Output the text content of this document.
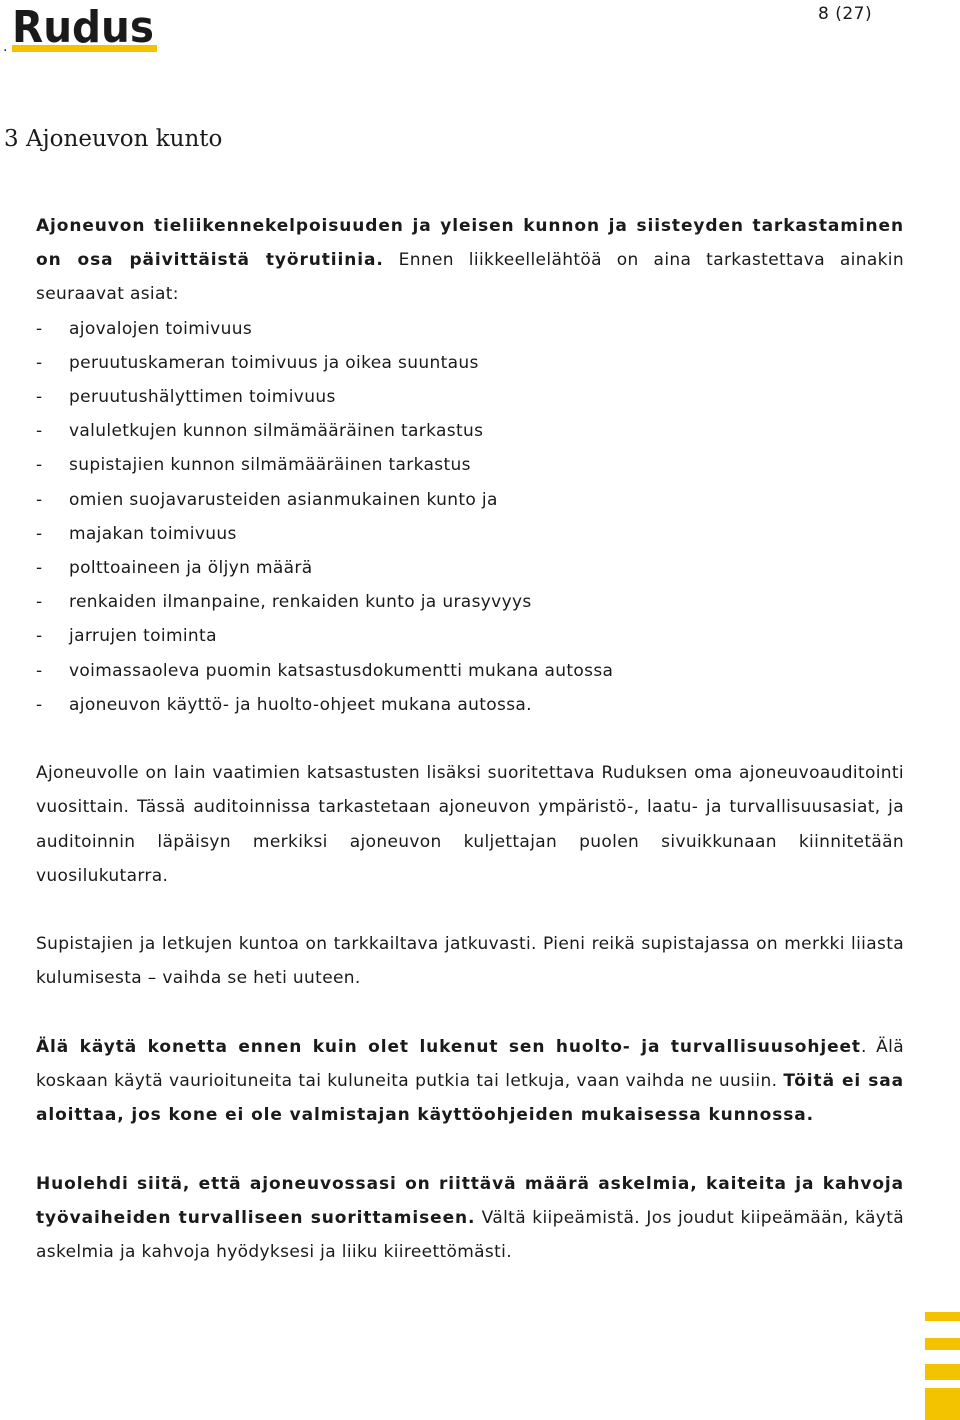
Rudus
.
8 (27)
3 Ajoneuvon kunto

Ajoneuvon tieliikennekelpoisuuden ja yleisen kunnon ja siisteyden tarkastaminen on osa päivittäistä työrutiinia. Ennen liikkeellelähtöä on aina tarkastettava ainakin seuraavat asiat:

-	ajovalojen toimivuus
-	peruutuskameran toimivuus ja oikea suuntaus
-	peruutushälyttimen toimivuus
-	valuletkujen kunnon silmämääräinen tarkastus
-	supistajien kunnon silmämääräinen tarkastus
-	omien suojavarusteiden asianmukainen kunto ja
-	majakan toimivuus
-	polttoaineen ja öljyn määrä
-	renkaiden ilmanpaine, renkaiden kunto ja urasyvyys
-	jarrujen toiminta
-	voimassaoleva puomin katsastusdokumentti mukana autossa
-	ajoneuvon käyttö- ja huolto-ohjeet mukana autossa.

Ajoneuvolle on lain vaatimien katsastusten lisäksi suoritettava Ruduksen oma ajoneuvoauditointi vuosittain. Tässä auditoinnissa tarkastetaan ajoneuvon ympäristö-, laatu- ja turvallisuusasiat, ja auditoinnin läpäisyn merkiksi ajoneuvon kuljettajan puolen sivuikkunaan kiinnitetään vuosilukutarra.

Supistajien ja letkujen kuntoa on tarkkailtava jatkuvasti. Pieni reikä supistajassa on merkki liiasta kulumisesta – vaihda se heti uuteen.

Älä käytä konetta ennen kuin olet lukenut sen huolto- ja turvallisuusohjeet. Älä koskaan käytä vaurioituneita tai kuluneita putkia tai letkuja, vaan vaihda ne uusiin. Töitä ei saa aloittaa, jos kone ei ole valmistajan käyttöohjeiden mukaisessa kunnossa.

Huolehdi siitä, että ajoneuvossasi on riittävä määrä askelmia, kaiteita ja kahvoja työvaiheiden turvalliseen suorittamiseen. Vältä kiipeämistä. Jos joudut kiipeämään, käytä askelmia ja kahvoja hyödyksesi ja liiku kiireettömästi.
